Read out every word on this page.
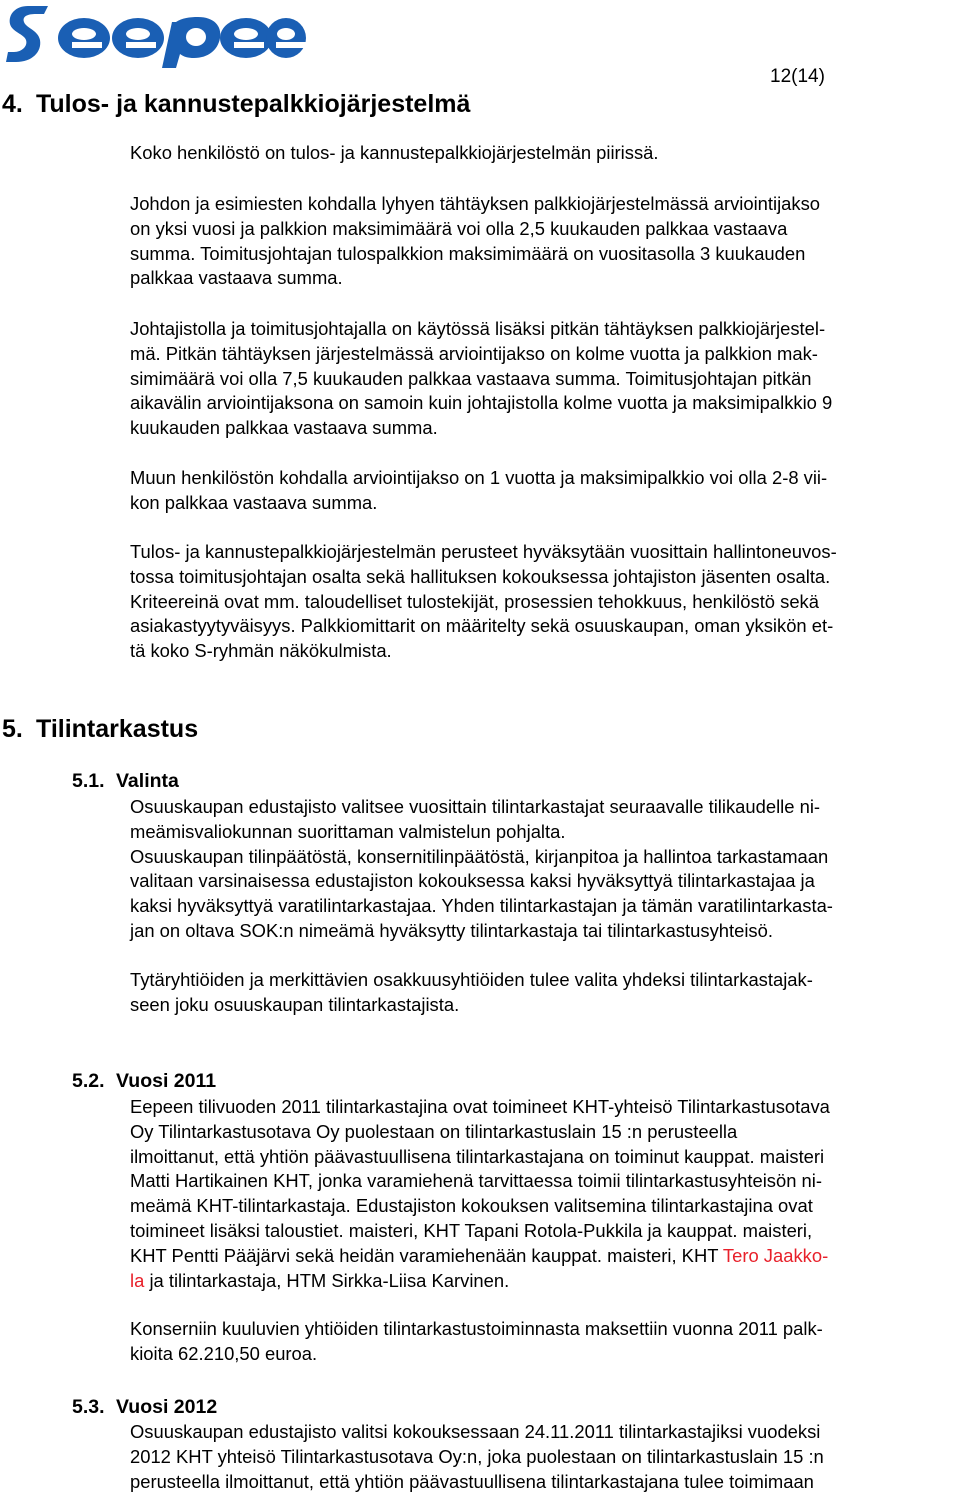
12(14)
4. Tulos- ja kannustepalkkiojärjestelmä

Koko henkilöstö on tulos- ja kannustepalkkiojärjestelmän piirissä.

Johdon ja esimiesten kohdalla lyhyen tähtäyksen palkkiojärjestelmässä arviointijakso
on yksi vuosi ja palkkion maksimimäärä voi olla 2,5 kuukauden palkkaa vastaava
summa. Toimitusjohtajan tulospalkkion maksimimäärä on vuositasolla 3 kuukauden
palkkaa vastaava summa.

Johtajistolla ja toimitusjohtajalla on käytössä lisäksi pitkän tähtäyksen palkkiojärjestel-
mä. Pitkän tähtäyksen järjestelmässä arviointijakso on kolme vuotta ja palkkion mak-
simimäärä voi olla 7,5 kuukauden palkkaa vastaava summa. Toimitusjohtajan pitkän
aikavälin arviointijaksona on samoin kuin johtajistolla kolme vuotta ja maksimipalkkio 9
kuukauden palkkaa vastaava summa.

Muun henkilöstön kohdalla arviointijakso on 1 vuotta ja maksimipalkkio voi olla 2-8 vii-
kon palkkaa vastaava summa.

Tulos- ja kannustepalkkiojärjestelmän perusteet hyväksytään vuosittain hallintoneuvos-
tossa toimitusjohtajan osalta sekä hallituksen kokouksessa johtajiston jäsenten osalta.
Kriteereinä ovat mm. taloudelliset tulostekijät, prosessien tehokkuus, henkilöstö sekä
asiakastyytyväisyys. Palkkiomittarit on määritelty sekä osuuskaupan, oman yksikön et-
tä koko S-ryhmän näkökulmista.

5. Tilintarkastus
5.1. Valinta

Osuuskaupan edustajisto valitsee vuosittain tilintarkastajat seuraavalle tilikaudelle ni-
meämisvaliokunnan suorittaman valmistelun pohjalta.
Osuuskaupan tilinpäätöstä, konsernitilinpäätöstä, kirjanpitoa ja hallintoa tarkastamaan
valitaan varsinaisessa edustajiston kokouksessa kaksi hyväksyttyä tilintarkastajaa ja
kaksi hyväksyttyä varatilintarkastajaa. Yhden tilintarkastajan ja tämän varatilintarkasta-
jan on oltava SOK:n nimeämä hyväksytty tilintarkastaja tai tilintarkastusyhteisö.

Tytäryhtiöiden ja merkittävien osakkuusyhtiöiden tulee valita yhdeksi tilintarkastajak-
seen joku osuuskaupan tilintarkastajista.

5.2. Vuosi 2011

Eepeen tilivuoden 2011 tilintarkastajina ovat toimineet KHT-yhteisö Tilintarkastusotava
Oy Tilintarkastusotava Oy puolestaan on tilintarkastuslain 15 :n perusteella
ilmoittanut, että yhtiön päävastuullisena tilintarkastajana on toiminut kauppat. maisteri
Matti Hartikainen KHT, jonka varamiehenä tarvittaessa toimii tilintarkastusyhteisön ni-
meämä KHT-tilintarkastaja. Edustajiston kokouksen valitsemina tilintarkastajina ovat
toimineet lisäksi taloustiet. maisteri, KHT Tapani Rotola-Pukkila ja kauppat. maisteri,
KHT Pentti Pääjärvi sekä heidän varamiehenään kauppat. maisteri, KHT Tero Jaakko-
la ja tilintarkastaja, HTM Sirkka-Liisa Karvinen.

Konserniin kuuluvien yhtiöiden tilintarkastustoiminnasta maksettiin vuonna 2011 palk-
kioita 62.210,50 euroa.

5.3. Vuosi 2012

Osuuskaupan edustajisto valitsi kokouksessaan 24.11.2011 tilintarkastajiksi vuodeksi
2012 KHT yhteisö Tilintarkastusotava Oy:n, joka puolestaan on tilintarkastuslain 15 :n
perusteella ilmoittanut, että yhtiön päävastuullisena tilintarkastajana tulee toimimaan
